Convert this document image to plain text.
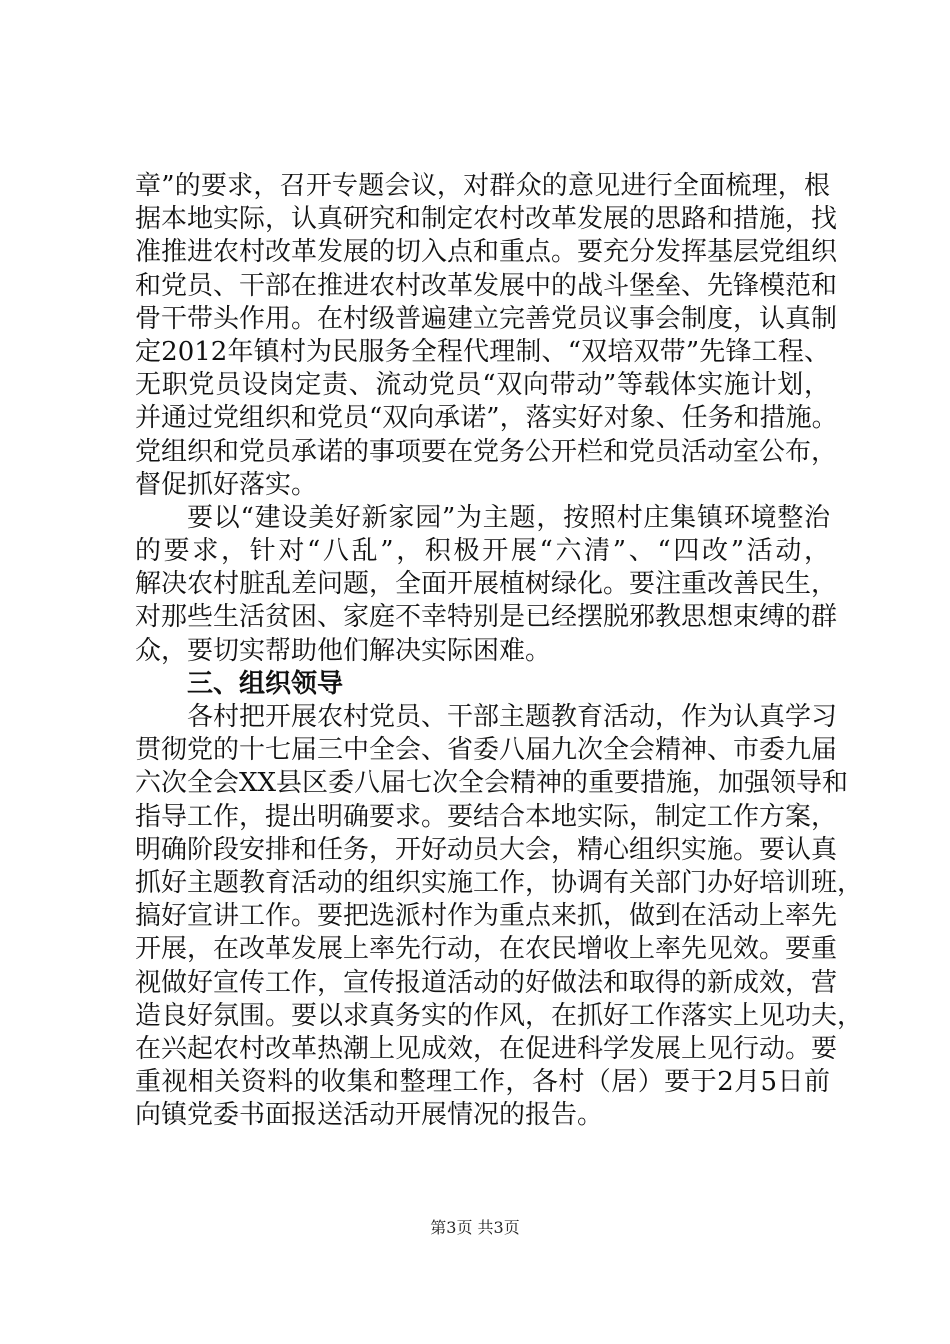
章”的要求，召开专题会议，对群众的意见进行全面梳理，根
据本地实际，认真研究和制定农村改革发展的思路和措施，找
准推进农村改革发展的切入点和重点。要充分发挥基层党组织
和党员、干部在推进农村改革发展中的战斗堡垒、先锋模范和
骨干带头作用。在村级普遍建立完善党员议事会制度，认真制
定2012年镇村为民服务全程代理制、“双培双带”先锋工程、
无职党员设岗定责、流动党员“双向带动”等载体实施计划，
并通过党组织和党员“双向承诺”，落实好对象、任务和措施。
党组织和党员承诺的事项要在党务公开栏和党员活动室公布，
督促抓好落实。
要以“建设美好新家园”为主题，按照村庄集镇环境整治
的要求，针对“八乱”，积极开展“六清”、“四改”活动，
解决农村脏乱差问题，全面开展植树绿化。要注重改善民生，
对那些生活贫困、家庭不幸特别是已经摆脱邪教思想束缚的群
众，要切实帮助他们解决实际困难。
三、组织领导
各村把开展农村党员、干部主题教育活动，作为认真学习
贯彻党的十七届三中全会、省委八届九次全会精神、市委九届
六次全会XX县区委八届七次全会精神的重要措施，加强领导和
指导工作，提出明确要求。要结合本地实际，制定工作方案，
明确阶段安排和任务，开好动员大会，精心组织实施。要认真
抓好主题教育活动的组织实施工作，协调有关部门办好培训班，
搞好宣讲工作。要把选派村作为重点来抓，做到在活动上率先
开展，在改革发展上率先行动，在农民增收上率先见效。要重
视做好宣传工作，宣传报道活动的好做法和取得的新成效，营
造良好氛围。要以求真务实的作风，在抓好工作落实上见功夫，
在兴起农村改革热潮上见成效，在促进科学发展上见行动。要
重视相关资料的收集和整理工作，各村（居）要于2月5日前
向镇党委书面报送活动开展情况的报告。
第3页 共3页
